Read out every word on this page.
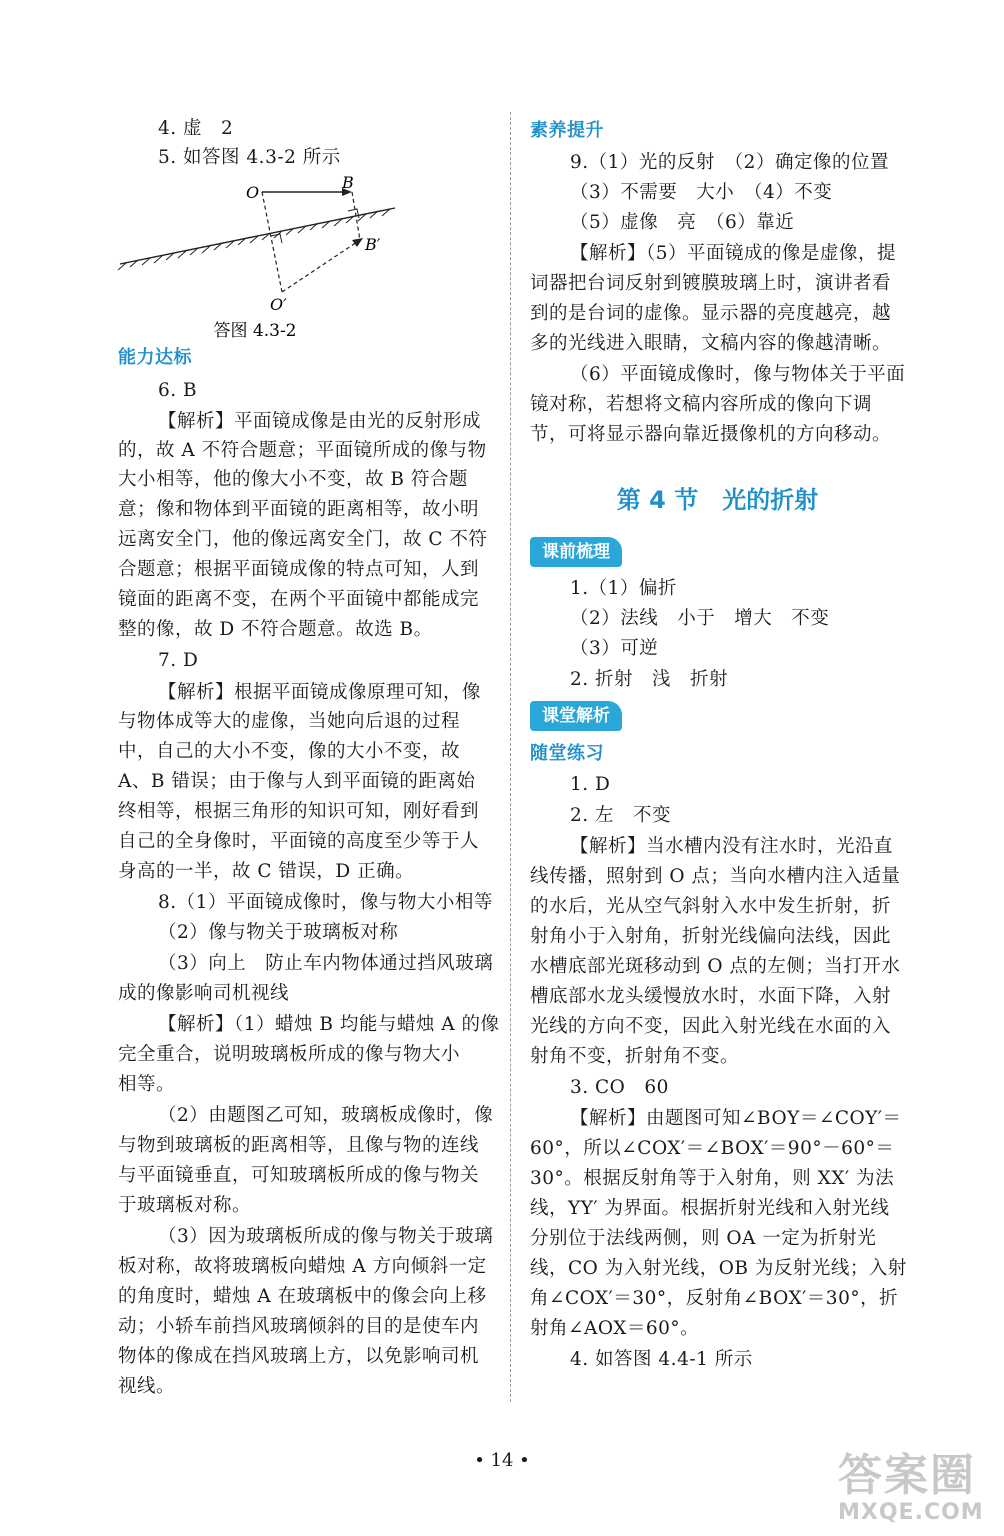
4. 虚　2
5. 如答图 4.3-2 所示
能力达标
6. B
【解析】平面镜成像是由光的反射形成
的，故 A 不符合题意；平面镜所成的像与物
大小相等，他的像大小不变，故 B 符合题
意；像和物体到平面镜的距离相等，故小明
远离安全门，他的像远离安全门，故 C 不符
合题意；根据平面镜成像的特点可知，人到
镜面的距离不变，在两个平面镜中都能成完
整的像，故 D 不符合题意。故选 B。
7. D
【解析】根据平面镜成像原理可知，像
与物体成等大的虚像，当她向后退的过程
中，自己的大小不变，像的大小不变，故
A、B 错误；由于像与人到平面镜的距离始
终相等，根据三角形的知识可知，刚好看到
自己的全身像时，平面镜的高度至少等于人
身高的一半，故 C 错误，D 正确。
8.（1）平面镜成像时，像与物大小相等
（2）像与物关于玻璃板对称
（3）向上　防止车内物体通过挡风玻璃
成的像影响司机视线
【解析】（1）蜡烛 B 均能与蜡烛 A 的像
完全重合，说明玻璃板所成的像与物大小
相等。
（2）由题图乙可知，玻璃板成像时，像
与物到玻璃板的距离相等，且像与物的连线
与平面镜垂直，可知玻璃板所成的像与物关
于玻璃板对称。
（3）因为玻璃板所成的像与物关于玻璃
板对称，故将玻璃板向蜡烛 A 方向倾斜一定
的角度时，蜡烛 A 在玻璃板中的像会向上移
动；小轿车前挡风玻璃倾斜的目的是使车内
物体的像成在挡风玻璃上方，以免影响司机
视线。
第 4 节　光的折射
课前梳理
课堂解析
素养提升
9.（1）光的反射　（2）确定像的位置
（3）不需要　大小　（4）不变
（5）虚像　亮　（6）靠近
【解析】（5）平面镜成的像是虚像，提
词器把台词反射到镀膜玻璃上时，演讲者看
到的是台词的虚像。显示器的亮度越亮，越
多的光线进入眼睛，文稿内容的像越清晰。
（6）平面镜成像时，像与物体关于平面
镜对称，若想将文稿内容所成的像向下调
节，可将显示器向靠近摄像机的方向移动。
1.（1）偏折
（2）法线　小于　增大　不变
（3）可逆
2. 折射　浅　折射
随堂练习
1. D
2. 左　不变
【解析】当水槽内没有注水时，光沿直
线传播，照射到 O 点；当向水槽内注入适量
的水后，光从空气斜射入水中发生折射，折
射角小于入射角，折射光线偏向法线，因此
水槽底部光斑移动到 O 点的左侧；当打开水
槽底部水龙头缓慢放水时，水面下降，入射
光线的方向不变，因此入射光线在水面的入
射角不变，折射角不变。
3. CO　60
【解析】由题图可知∠BOY＝∠COY′＝
60°，所以∠COX′＝∠BOX′＝90°－60°＝
30°。根据反射角等于入射角，则 XX′ 为法
线，YY′ 为界面。根据折射光线和入射光线
分别位于法线两侧，则 OA 一定为折射光
线，CO 为入射光线，OB 为反射光线；入射
角∠COX′＝30°，反射角∠BOX′＝30°，折
射角∠AOX＝60°。
4. 如答图 4.4-1 所示
O
B
B′
O′
答图 4.3-2
• 14 •	答案圈
MXQE.COM
